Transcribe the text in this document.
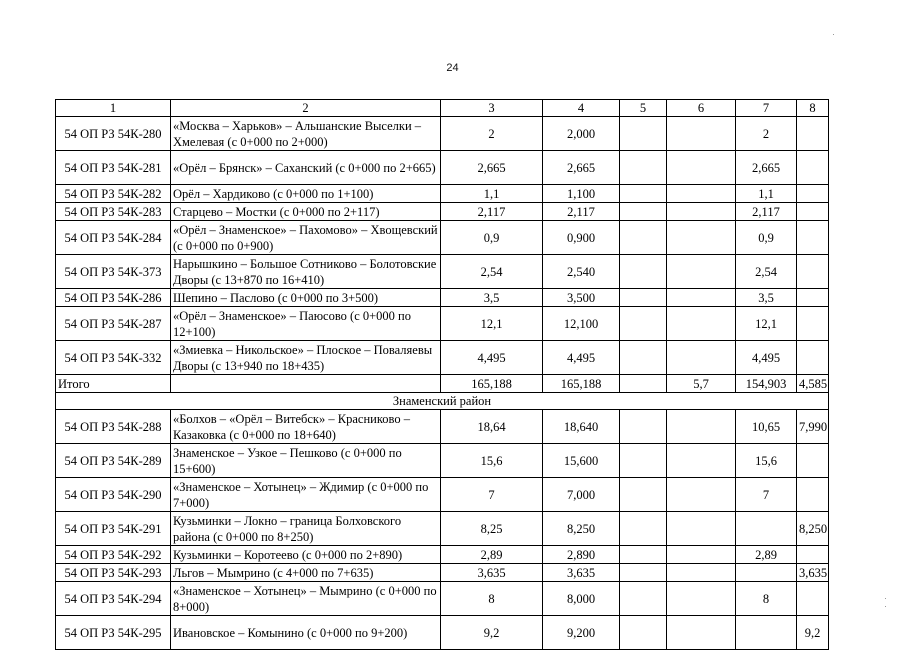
24
1	2	3	4	5	6	7	8
54 ОП РЗ 54К-280	«Москва – Харьков» – Альшанские Выселки – Хмелевая (с 0+000 по 2+000)	2	2,000			2	
54 ОП РЗ 54К-281	«Орёл – Брянск» – Саханский (с 0+000 по 2+665)	2,665	2,665			2,665	
54 ОП РЗ 54К-282	Орёл – Хардиково (с 0+000 по 1+100)	1,1	1,100			1,1	
54 ОП РЗ 54К-283	Старцево – Мостки (с 0+000 по 2+117)	2,117	2,117			2,117	
54 ОП РЗ 54К-284	«Орёл – Знаменское» – Пахомово» – Хвощевский (с 0+000 по 0+900)	0,9	0,900			0,9	
54 ОП РЗ 54К-373	Нарышкино – Большое Сотниково – Болотовские Дворы (с 13+870 по 16+410)	2,54	2,540			2,54	
54 ОП РЗ 54К-286	Шепино – Паслово (с 0+000 по 3+500)	3,5	3,500			3,5	
54 ОП РЗ 54К-287	«Орёл – Знаменское» – Паюсово (с 0+000 по 12+100)	12,1	12,100			12,1	
54 ОП РЗ 54К-332	«Змиевка – Никольское» – Плоское – Поваляевы Дворы (с 13+940 по 18+435)	4,495	4,495			4,495	
Итого		165,188	165,188		5,7	154,903	4,585
Знаменский район							
54 ОП РЗ 54К-288	«Болхов – «Орёл – Витебск» – Красниково – Казаковка (с 0+000 по 18+640)	18,64	18,640			10,65	7,990
54 ОП РЗ 54К-289	Знаменское – Узкое – Пешково (с 0+000 по 15+600)	15,6	15,600			15,6	
54 ОП РЗ 54К-290	«Знаменское – Хотынец» – Ждимир (с 0+000 по 7+000)	7	7,000			7	
54 ОП РЗ 54К-291	Кузьминки – Локно – граница Болховского района (с 0+000 по 8+250)	8,25	8,250				8,250
54 ОП РЗ 54К-292	Кузьминки – Коротеево (с 0+000 по 2+890)	2,89	2,890			2,89	
54 ОП РЗ 54К-293	Льгов – Мымрино (с 4+000 по 7+635)	3,635	3,635				3,635
54 ОП РЗ 54К-294	«Знаменское – Хотынец» – Мымрино (с 0+000 по 8+000)	8	8,000			8	
54 ОП РЗ 54К-295	Ивановское – Комынино (с 0+000 по 9+200)	9,2	9,200				9,2
